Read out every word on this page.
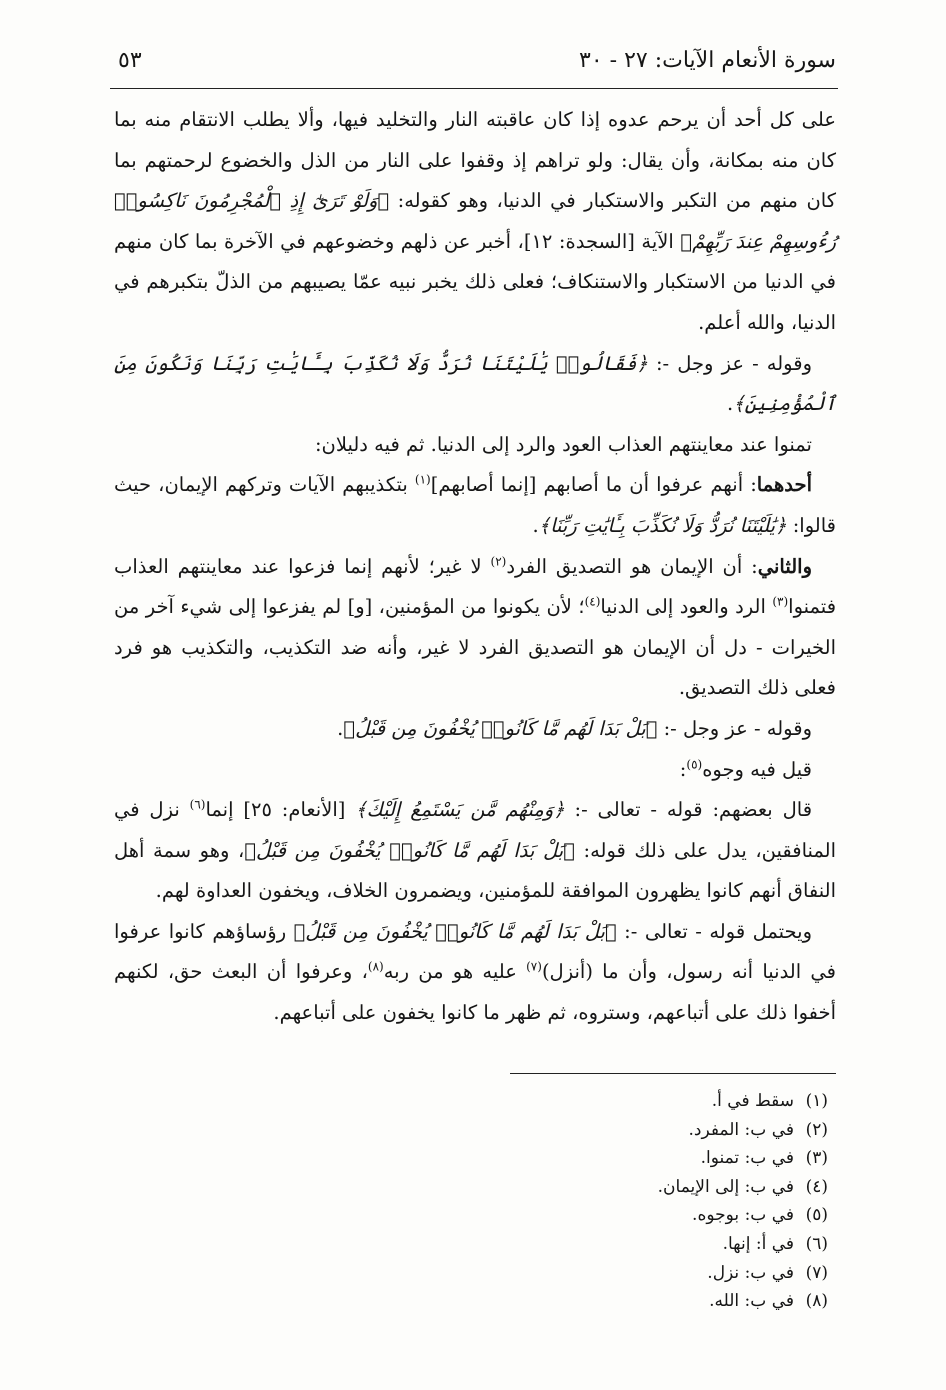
سورة الأنعام الآيات: ٢٧ - ٣٠
٥٣

على كل أحد أن يرحم عدوه إذا كان عاقبته النار والتخليد فيها، وألا يطلب الانتقام منه بما كان منه بمكانة، وأن يقال: ولو تراهم إذ وقفوا على النار من الذل والخضوع لرحمتهم بما كان منهم من التكبر والاستكبار في الدنيا، وهو كقوله: ﴿وَلَوْ تَرَىٰٓ إِذِ ٱلْمُجْرِمُونَ نَاكِسُوا۟ رُءُوسِهِمْ عِندَ رَبِّهِمْ﴾ الآية [السجدة: ١٢]، أخبر عن ذلهم وخضوعهم في الآخرة بما كان منهم في الدنيا من الاستكبار والاستنكاف؛ فعلى ذلك يخبر نبيه عمّا يصيبهم من الذلّ بتكبرهم في الدنيا، والله أعلم.

وقوله - عز وجل -: ﴿فَقَالُوا۟ يَٰلَيْتَنَا نُرَدُّ وَلَا نُكَذِّبَ بِـَٔايَٰتِ رَبِّنَا وَنَكُونَ مِنَ ٱلْمُؤْمِنِينَ﴾.

تمنوا عند معاينتهم العذاب العود والرد إلى الدنيا. ثم فيه دليلان:

أحدهما: أنهم عرفوا أن ما أصابهم [إنما أصابهم]$^{(١)}$ بتكذيبهم الآيات وتركهم الإيمان، حيث قالوا: ﴿يَٰلَيْتَنَا نُرَدُّ وَلَا نُكَذِّبَ بِـَٔايَٰتِ رَبِّنَا﴾.

والثاني: أن الإيمان هو التصديق الفرد$^{(٢)}$ لا غير؛ لأنهم إنما فزعوا عند معاينتهم العذاب فتمنوا$^{(٣)}$ الرد والعود إلى الدنيا$^{(٤)}$؛ لأن يكونوا من المؤمنين، [و] لم يفزعوا إلى شيء آخر من الخيرات - دل أن الإيمان هو التصديق الفرد لا غير، وأنه ضد التكذيب، والتكذيب هو فرد فعلى ذلك التصديق.

وقوله - عز وجل -: ﴿بَلْ بَدَا لَهُم مَّا كَانُوا۟ يُخْفُونَ مِن قَبْلُ﴾.

قيل فيه وجوه$^{(٥)}$:

قال بعضهم: قوله - تعالى -: ﴿وَمِنْهُم مَّن يَسْتَمِعُ إِلَيْكَ﴾ [الأنعام: ٢٥] إنما$^{(٦)}$ نزل في المنافقين، يدل على ذلك قوله: ﴿بَلْ بَدَا لَهُم مَّا كَانُوا۟ يُخْفُونَ مِن قَبْلُ﴾، وهو سمة أهل النفاق أنهم كانوا يظهرون الموافقة للمؤمنين، ويضمرون الخلاف، ويخفون العداوة لهم.

ويحتمل قوله - تعالى -: ﴿بَلْ بَدَا لَهُم مَّا كَانُوا۟ يُخْفُونَ مِن قَبْلُ﴾ رؤساؤهم كانوا عرفوا في الدنيا أنه رسول، وأن ما (أنزل)$^{(٧)}$ عليه هو من ربه$^{(٨)}$، وعرفوا أن البعث حق، لكنهم أخفوا ذلك على أتباعهم، وستروه، ثم ظهر ما كانوا يخفون على أتباعهم.

(١)سقط في أ.
(٢)في ب: المفرد.
(٣)في ب: تمنوا.
(٤)في ب: إلى الإيمان.
(٥)في ب: بوجوه.
(٦)في أ: إنها.
(٧)في ب: نزل.
(٨)في ب: الله.
